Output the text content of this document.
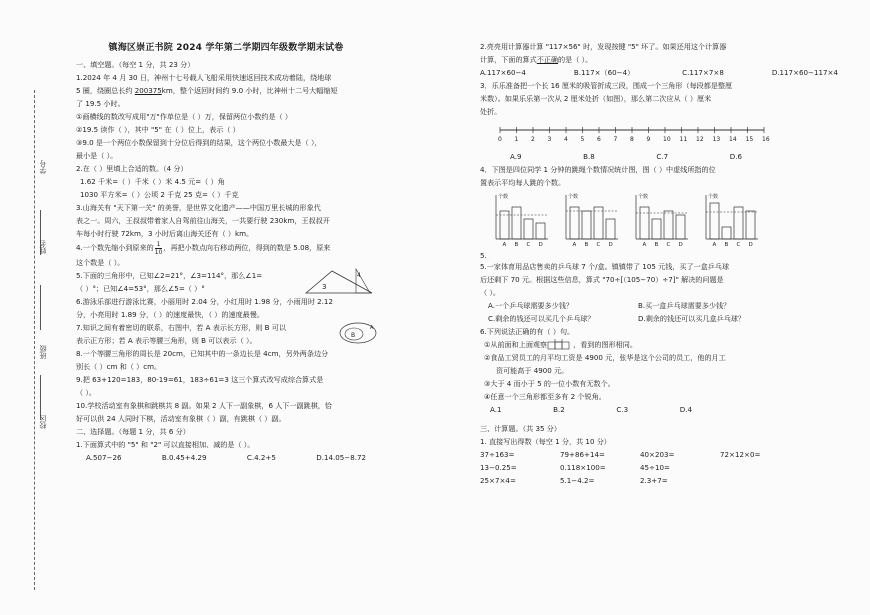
学号
姓名
班级
校区
镇海区崇正书院 2024 学年第二学期四年级数学期末试卷
一、填空题。（每空 1 分，共 23 分）
1.2024 年 4 月 30 日，神州十七号载人飞船采用快速返回技术成功着陆，绕地球
5 圈，绕圈总长约 200375km，整个返回时间约 9.0 小时，比神州十二号大幅缩短
了 19.5 小时。
①画横线的数改写成用"万"作单位是（ ）万，保留两位小数约是（ ）
②19.5 读作（ ），其中 "5" 在（ ）位上，表示（ ）
③9.0 是一个两位小数保留到十分位后得到的结果，这个两位小数最大是（ ），
最小是（ ）。
2.在（ ）里填上合适的数。（4 分）
1.62 千米=（ ）千米（ ）米 4.5 元=（ ）角
1030 平方米=（ ）公顷 2 千克 25 克=（ ）千克
3.山海关有 "天下第一关" 的美誉，是世界文化遗产——中国万里长城的形象代
表之一。周六，王叔叔带着家人自驾前往山海关，一共要行驶 230km，王叔叔开
车每小时行驶 72km，3 小时后离山海关还有（ ）km。
4.一个数先缩小到原来的 $\frac{1}{10}$ ，再把小数点向右移动两位，得到的数是 5.08，原来
这个数是（ ）。
5.下面的三角形中，已知∠2=21°，∠3=114°，那么∠1=
（ ）°；已知∠4=53°，那么∠5=（ ）°	3
4
6.游泳乐部进行游泳比赛，小丽用时 2.04 分，小红用时 1.98 分，小雨用时 2.12
分，小亮用时 1.89 分，（ ）的速度最快，（ ）的速度最慢。
7.知识之间有着密切的联系，右图中，若 A 表示长方形，则 B 可以
表示正方形；若 A 表示等腰三角形，则 B 可以表示（ ）。
B
A
8.一个等腰三角形的周长是 20cm，已知其中的一条边长是 4cm，另外两条边分
别长（ ）cm 和（ ）cm。
9.把 63+120=183，80-19=61，183÷61=3 这三个算式改写成综合算式是
（ ）。
10.学校活动室有象棋和跳棋共 8 副。如果 2 人下一副象棋，6 人下一副跳棋，恰
好可以供 24 人同时下棋，活动室有象棋（ ）副，有跳棋（ ）副。
二、选择题。（每题 1 分，共 6 分）
1.下面算式中的 "5" 和 "2" 可以直接相加、减的是（ ）。
A.507−26	B.0.45+4.29	C.4.2+5	D.14.05−8.72
2.亮亮用计算器计算 "117×56" 时，发现按键 "5" 坏了。如果还用这个计算器
计算，下面的算式不正确的是（ ）。
A.117×60−4	B.117×（60−4）	C.117×7×8	D.117×60−117×4
3．乐乐准备把一个长 16 厘米的吸管折成三段，围成一个三角形（每段都是整厘
米数）。如果乐乐第一次从 2 厘米处折（如图），那么第二次应从（ ）厘米
处折。
0 1 2 3 4 5 6 7 8 9 10 11 12 13 14 15 16
A.9	B.8	C.7	D.6
4．下图是四位同学 1 分钟的跳绳个数情况统计图，图（ ）中虚线所指的位
置表示平均每人跳的个数。
个数
A B C D
个数
A B C D
个数
A B C D
个数
A B C D
5.
5.一家体育用品店售卖的乒乓球 7 个/盒。镇镇带了 105 元钱，买了一盒乒乓球
后还剩下 70 元。根据这些信息，算式 "70÷[（105−70）÷7]" 解决的问题是
（ ）。
A.一个乒乓球需要多少钱？	B.买一盒乒乓球需要多少钱？
C.剩余的钱还可以买几个乒乓球？	D.剩余的钱还可以买几盒乒乓球？
6.下列说法正确的有（ ）句。
①从前面和上面观察	，看到的图形相同。
②食品工贸员工的月平均工资是 4900 元，张华是这个公司的员工，他的月工
资可能高于 4900 元。
③大于 4 而小于 5 的一位小数有无数个。
④任意一个三角形都至多有 2 个锐角。
A.1	B.2	C.3	D.4
三、计算题。（共 35 分）
1. 直接写出得数（每空 1 分，共 10 分）
37÷163=	79+86+14=	40×203=	72×12×0=
13−0.25=	0.118×100=	45÷10=
25×7×4=	5.1−4.2=	2.3+7=
